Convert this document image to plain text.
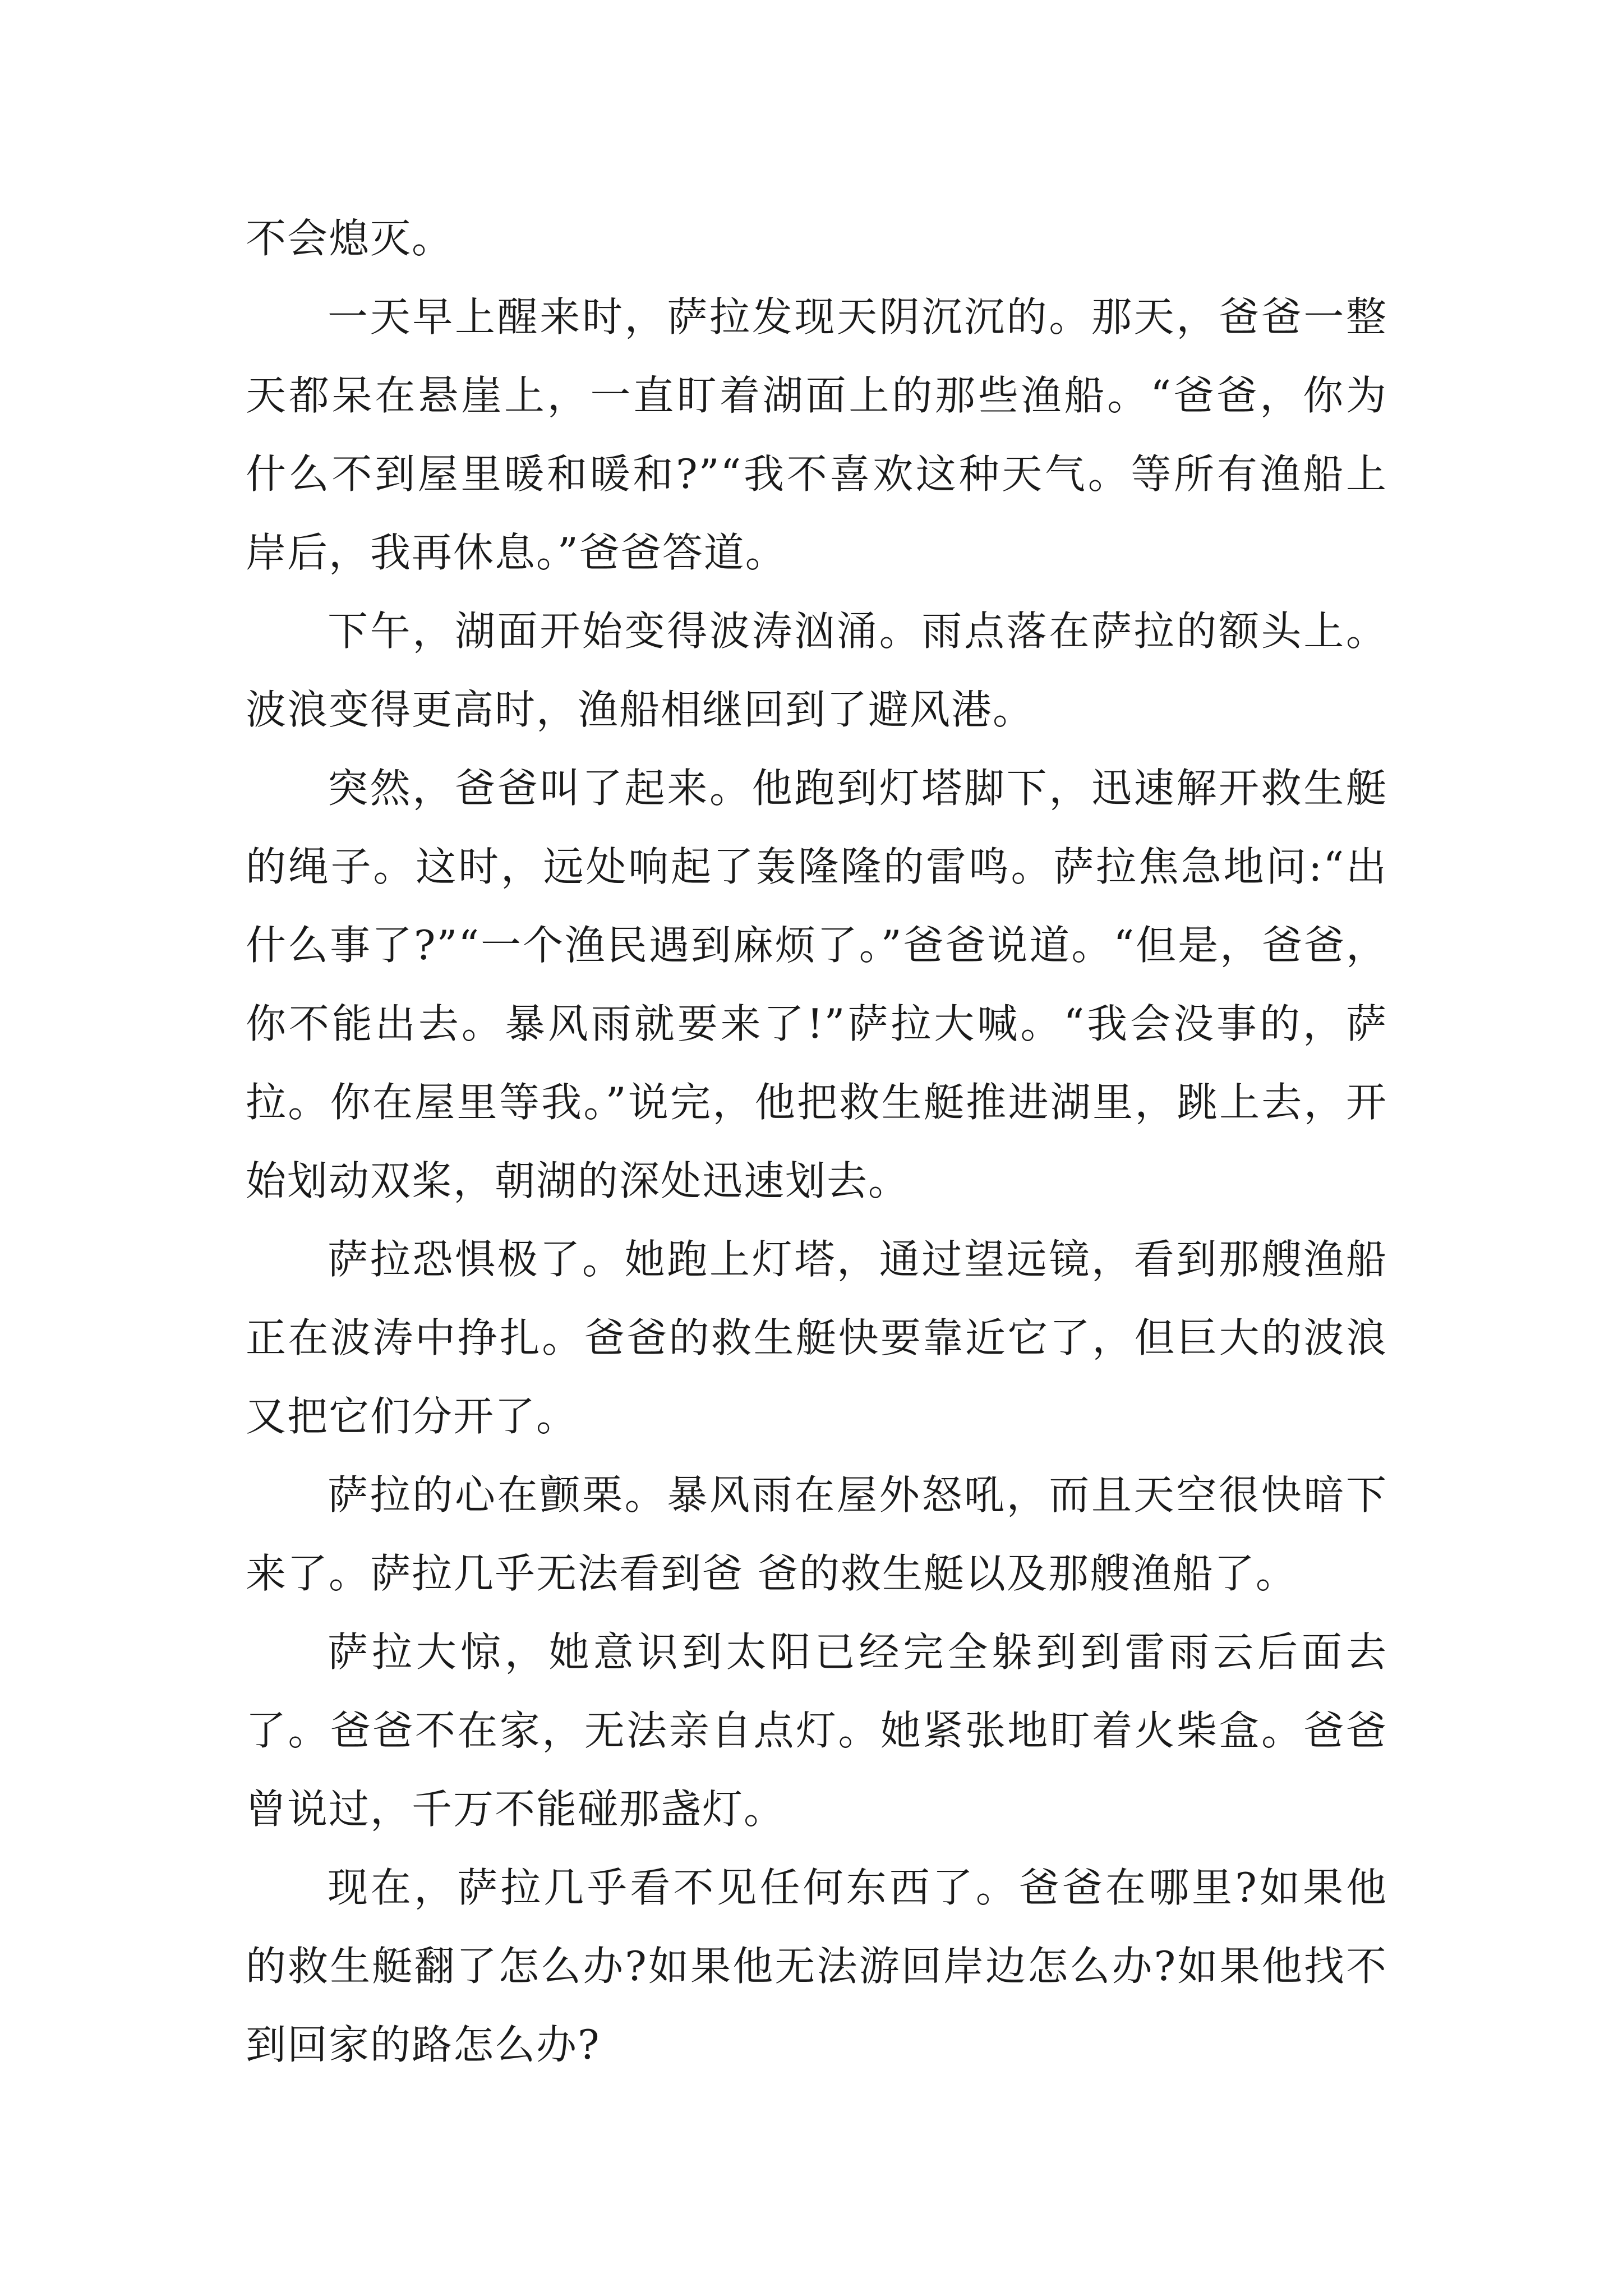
不会熄灭。

一天早上醒来时，萨拉发现天阴沉沉的。那天，爸爸一整天都呆在悬崖上，一直盯着湖面上的那些渔船。“爸爸，你为什么不到屋里暖和暖和?”“我不喜欢这种天气。等所有渔船上岸后，我再休息。”爸爸答道。

下午，湖面开始变得波涛汹涌。雨点落在萨拉的额头上。波浪变得更高时，渔船相继回到了避风港。

突然，爸爸叫了起来。他跑到灯塔脚下，迅速解开救生艇的绳子。这时，远处响起了轰隆隆的雷鸣。萨拉焦急地问:“出什么事了?”“一个渔民遇到麻烦了。”爸爸说道。“但是，爸爸，你不能出去。暴风雨就要来了!”萨拉大喊。“我会没事的，萨拉。你在屋里等我。”说完，他把救生艇推进湖里，跳上去，开始划动双桨，朝湖的深处迅速划去。

萨拉恐惧极了。她跑上灯塔，通过望远镜，看到那艘渔船正在波涛中挣扎。爸爸的救生艇快要靠近它了，但巨大的波浪又把它们分开了。

萨拉的心在颤栗。暴风雨在屋外怒吼，而且天空很快暗下来了。萨拉几乎无法看到爸 爸的救生艇以及那艘渔船了。

萨拉大惊，她意识到太阳已经完全躲到到雷雨云后面去了。爸爸不在家，无法亲自点灯。她紧张地盯着火柴盒。爸爸曾说过，千万不能碰那盏灯。

现在，萨拉几乎看不见任何东西了。爸爸在哪里?如果他的救生艇翻了怎么办?如果他无法游回岸边怎么办?如果他找不到回家的路怎么办?
